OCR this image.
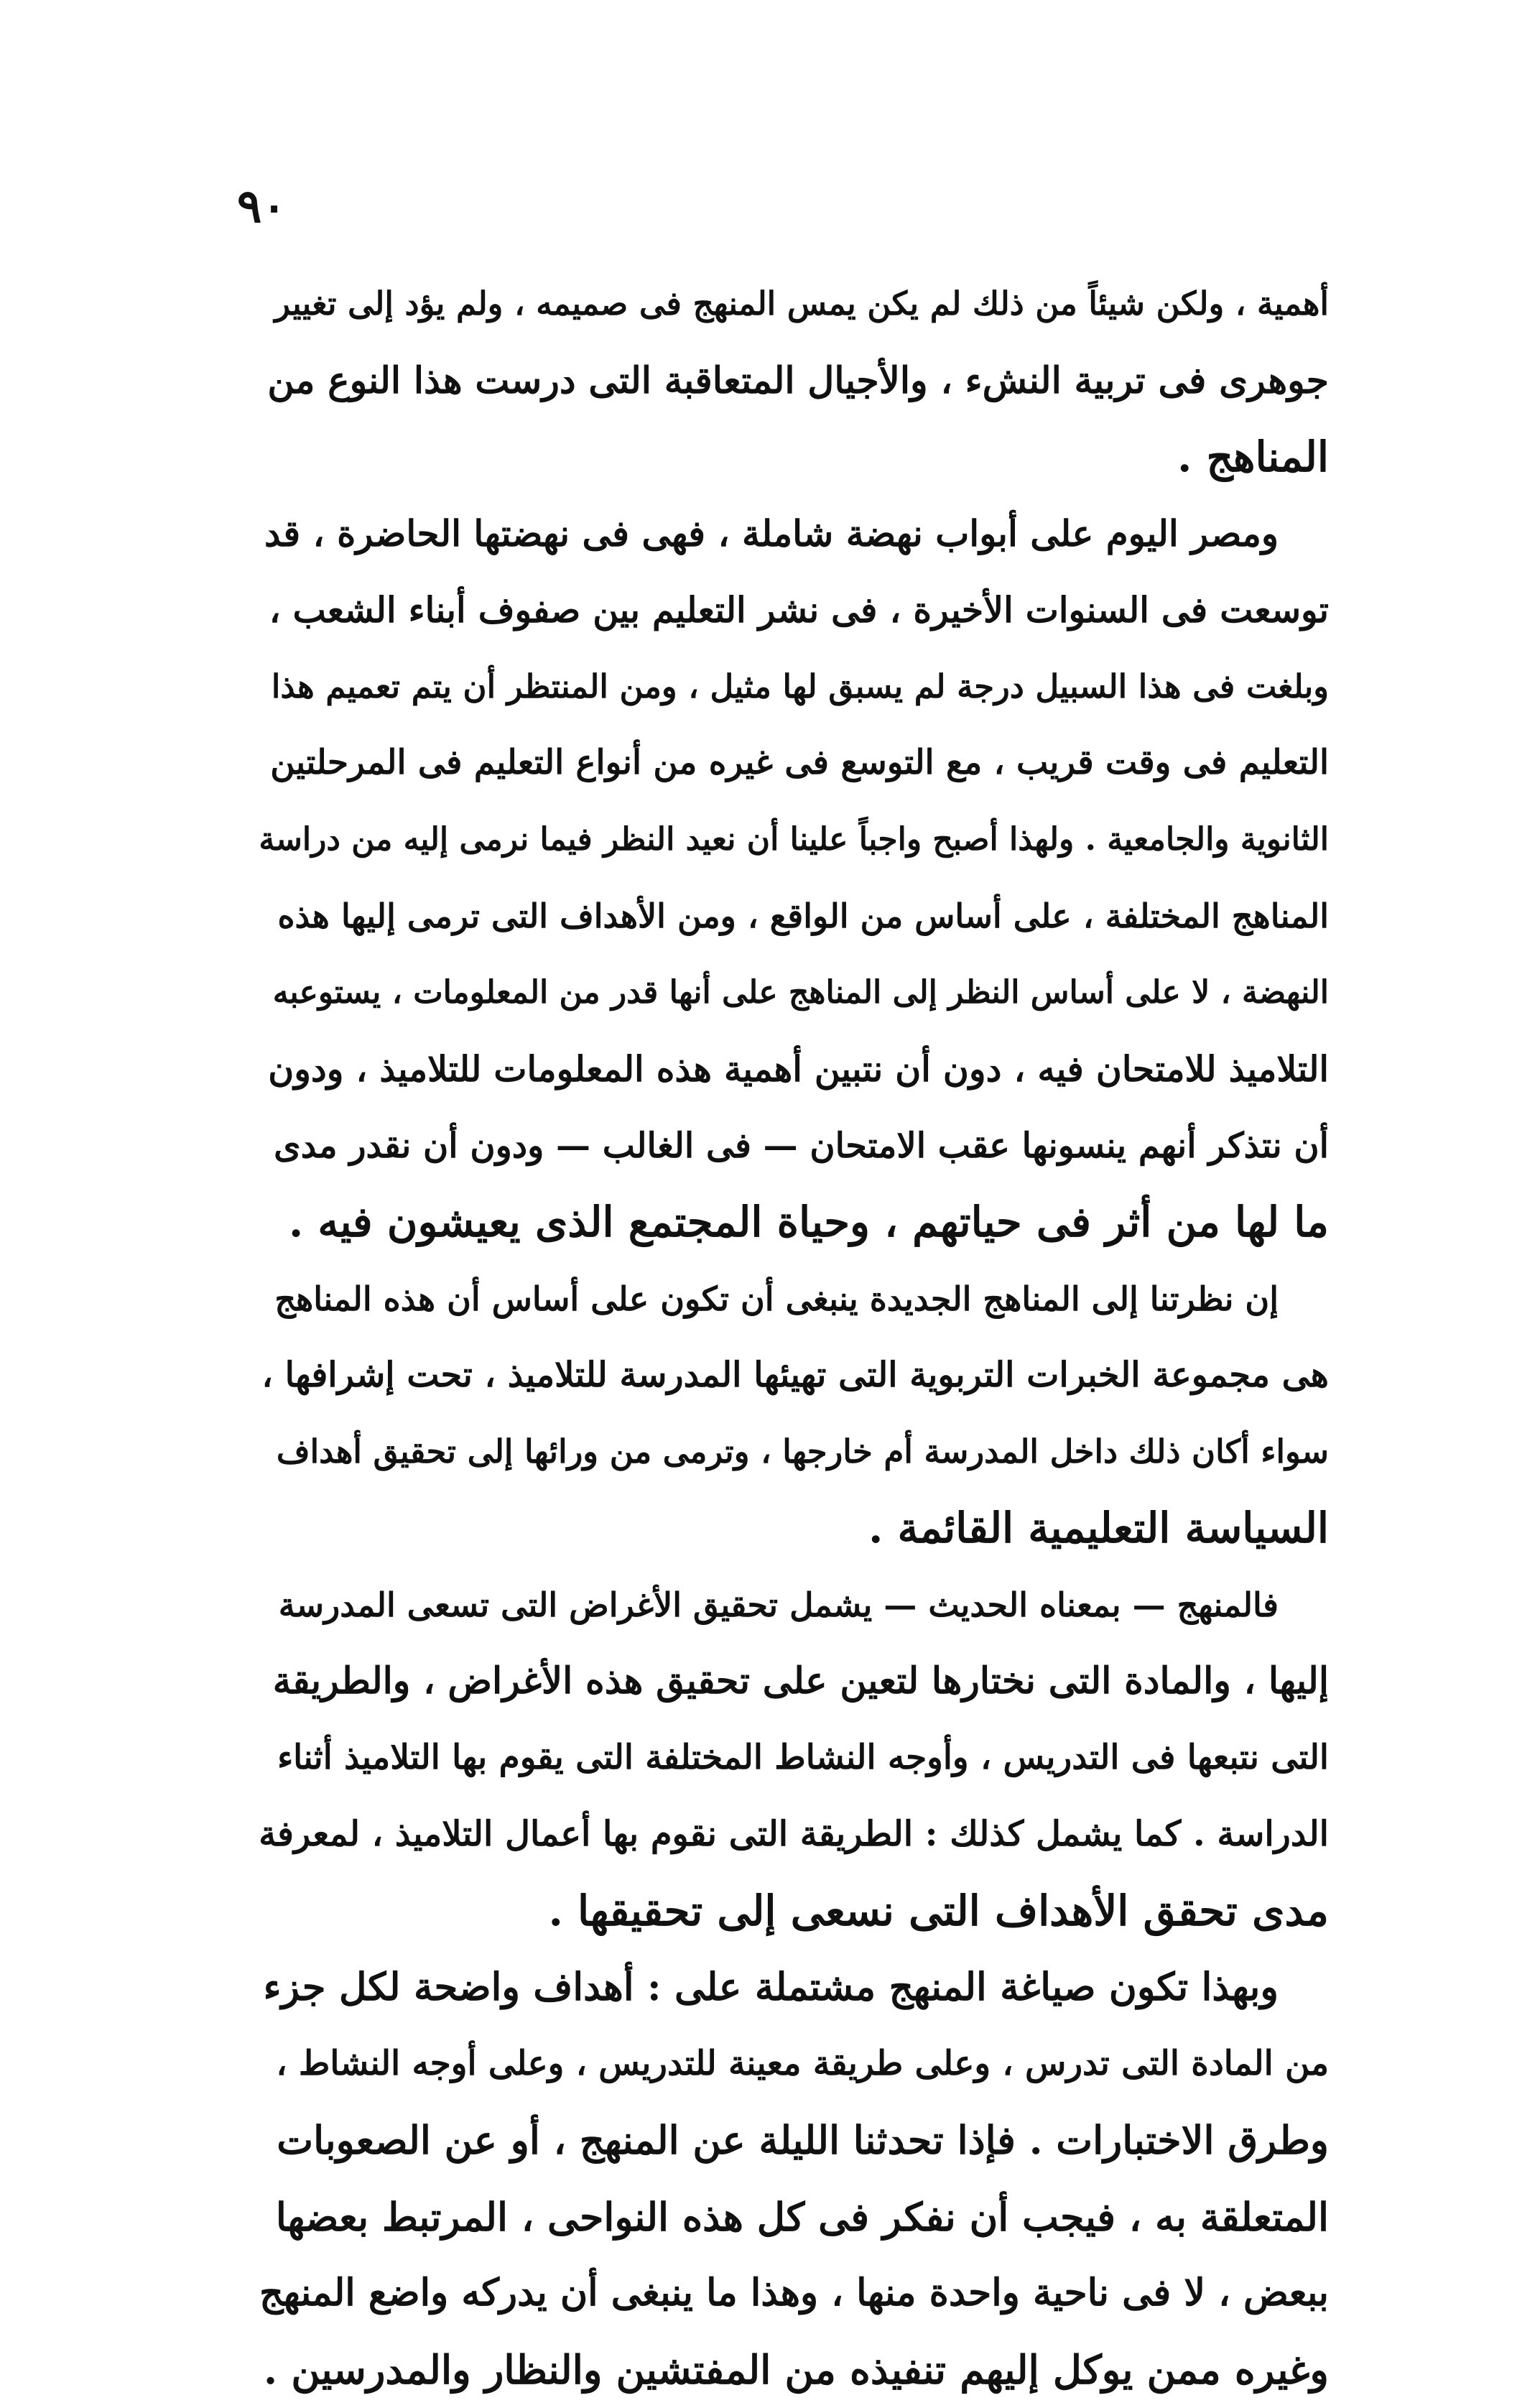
٩٠
أهمية ، ولكن شيئاً من ذلك لم يكن يمس المنهج فى صميمه ، ولم يؤد إلى تغيير
جوهرى فى تربية النشء ، والأجيال المتعاقبة التى درست هذا النوع من
المناهج .
ومصر اليوم على أبواب نهضة شاملة ، فهى فى نهضتها الحاضرة ، قد
توسعت فى السنوات الأخيرة ، فى نشر التعليم بين صفوف أبناء الشعب ،
وبلغت فى هذا السبيل درجة لم يسبق لها مثيل ، ومن المنتظر أن يتم تعميم هذا
التعليم فى وقت قريب ، مع التوسع فى غيره من أنواع التعليم فى المرحلتين
الثانوية والجامعية . ولهذا أصبح واجباً علينا أن نعيد النظر فيما نرمى إليه من دراسة
المناهج المختلفة ، على أساس من الواقع ، ومن الأهداف التى ترمى إليها هذه
النهضة ، لا على أساس النظر إلى المناهج على أنها قدر من المعلومات ، يستوعبه
التلاميذ للامتحان فيه ، دون أن نتبين أهمية هذه المعلومات للتلاميذ ، ودون
أن نتذكر أنهم ينسونها عقب الامتحان — فى الغالب — ودون أن نقدر مدى
ما لها من أثر فى حياتهم ، وحياة المجتمع الذى يعيشون فيه .
إن نظرتنا إلى المناهج الجديدة ينبغى أن تكون على أساس أن هذه المناهج
هى مجموعة الخبرات التربوية التى تهيئها المدرسة للتلاميذ ، تحت إشرافها ،
سواء أكان ذلك داخل المدرسة أم خارجها ، وترمى من ورائها إلى تحقيق أهداف
السياسة التعليمية القائمة .
فالمنهج — بمعناه الحديث — يشمل تحقيق الأغراض التى تسعى المدرسة
إليها ، والمادة التى نختارها لتعين على تحقيق هذه الأغراض ، والطريقة
التى نتبعها فى التدريس ، وأوجه النشاط المختلفة التى يقوم بها التلاميذ أثناء
الدراسة . كما يشمل كذلك : الطريقة التى نقوم بها أعمال التلاميذ ، لمعرفة
مدى تحقق الأهداف التى نسعى إلى تحقيقها .
وبهذا تكون صياغة المنهج مشتملة على : أهداف واضحة لكل جزء
من المادة التى تدرس ، وعلى طريقة معينة للتدريس ، وعلى أوجه النشاط ،
وطرق الاختبارات . فإذا تحدثنا الليلة عن المنهج ، أو عن الصعوبات
المتعلقة به ، فيجب أن نفكر فى كل هذه النواحى ، المرتبط بعضها
ببعض ، لا فى ناحية واحدة منها ، وهذا ما ينبغى أن يدركه واضع المنهج
وغيره ممن يوكل إليهم تنفيذه من المفتشين والنظار والمدرسين .
